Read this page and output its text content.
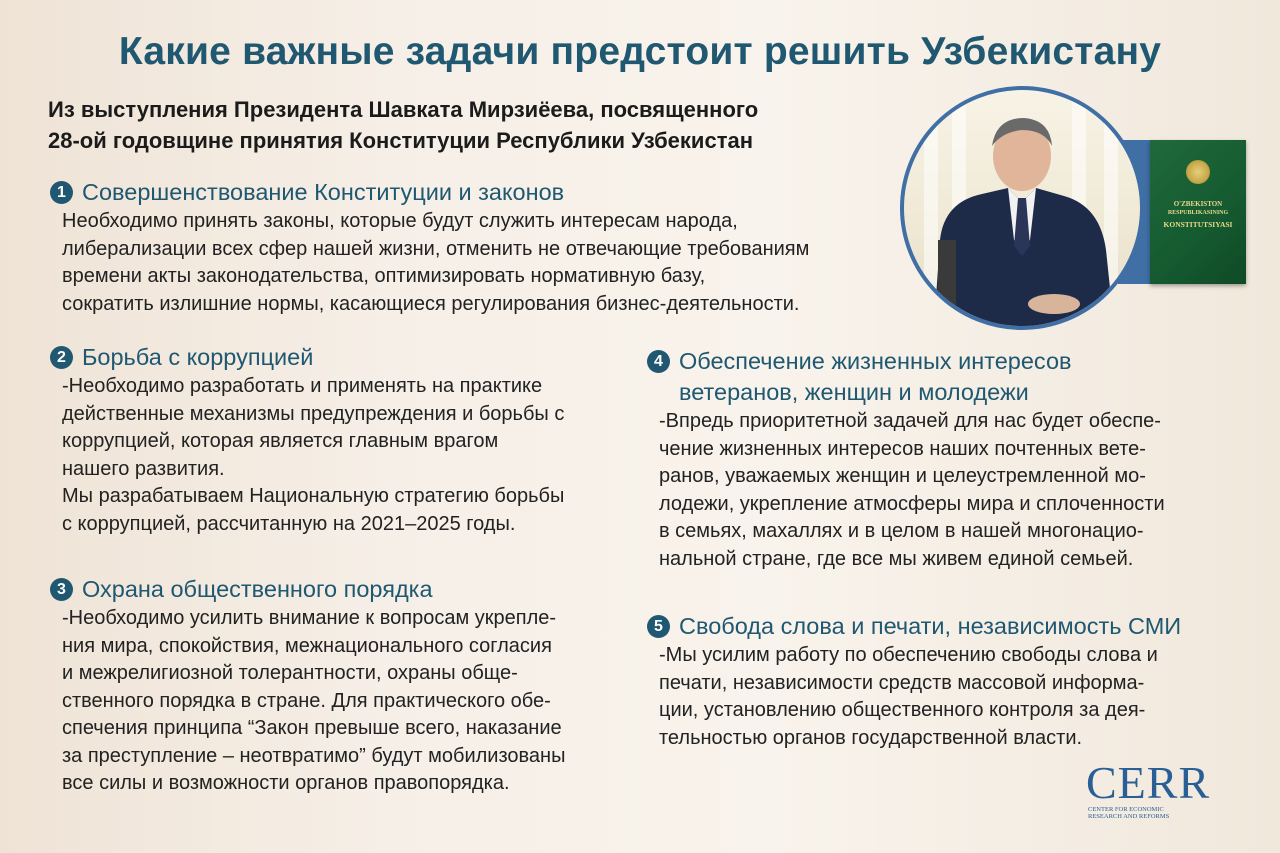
Какие важные задачи предстоит решить Узбекистану
Из выступления Президента Шавката Мирзиёева, посвященного
28-ой годовщине принятия Конституции Республики Узбекистан
1 Совершенствование Конституции и законов
Необходимо принять законы, которые будут служить интересам народа,
либерализации всех сфер нашей жизни, отменить не отвечающие требованиям
времени акты законодательства, оптимизировать нормативную базу,
сократить излишние нормы, касающиеся регулирования бизнес-деятельности.
2 Борьба с коррупцией
-Необходимо разработать и применять на практике
действенные механизмы предупреждения и борьбы с
коррупцией, которая является главным врагом
нашего развития.
Мы разрабатываем Национальную стратегию борьбы
с коррупцией, рассчитанную на 2021–2025 годы.
3 Охрана общественного порядка
-Необходимо усилить внимание к вопросам укрепле-
ния мира, спокойствия, межнационального согласия
и межрелигиозной толерантности, охраны обще-
ственного порядка в стране. Для практического обе-
спечения принципа “Закон превыше всего, наказание
за преступление – неотвратимо” будут мобилизованы
все силы и возможности органов правопорядка.
4 Обеспечение жизненных интересов
ветеранов, женщин и молодежи
-Впредь приоритетной задачей для нас будет обеспе-
чение жизненных интересов наших почтенных вете-
ранов, уважаемых женщин и целеустремленной мо-
лодежи, укрепление атмосферы мира и сплоченности
в семьях, махаллях и в целом в нашей многонацио-
нальной стране, где все мы живем единой семьей.
5 Свобода слова и печати, независимость СМИ
-Мы усилим работу по обеспечению свободы слова и
печати, независимости средств массовой информа-
ции, установлению общественного контроля за дея-
тельностью органов государственной власти.
O'ZBEKISTON
RESPUBLIKASINING
KONSTITUTSIYASI
CERR
CENTER FOR ECONOMIC
RESEARCH AND REFORMS
